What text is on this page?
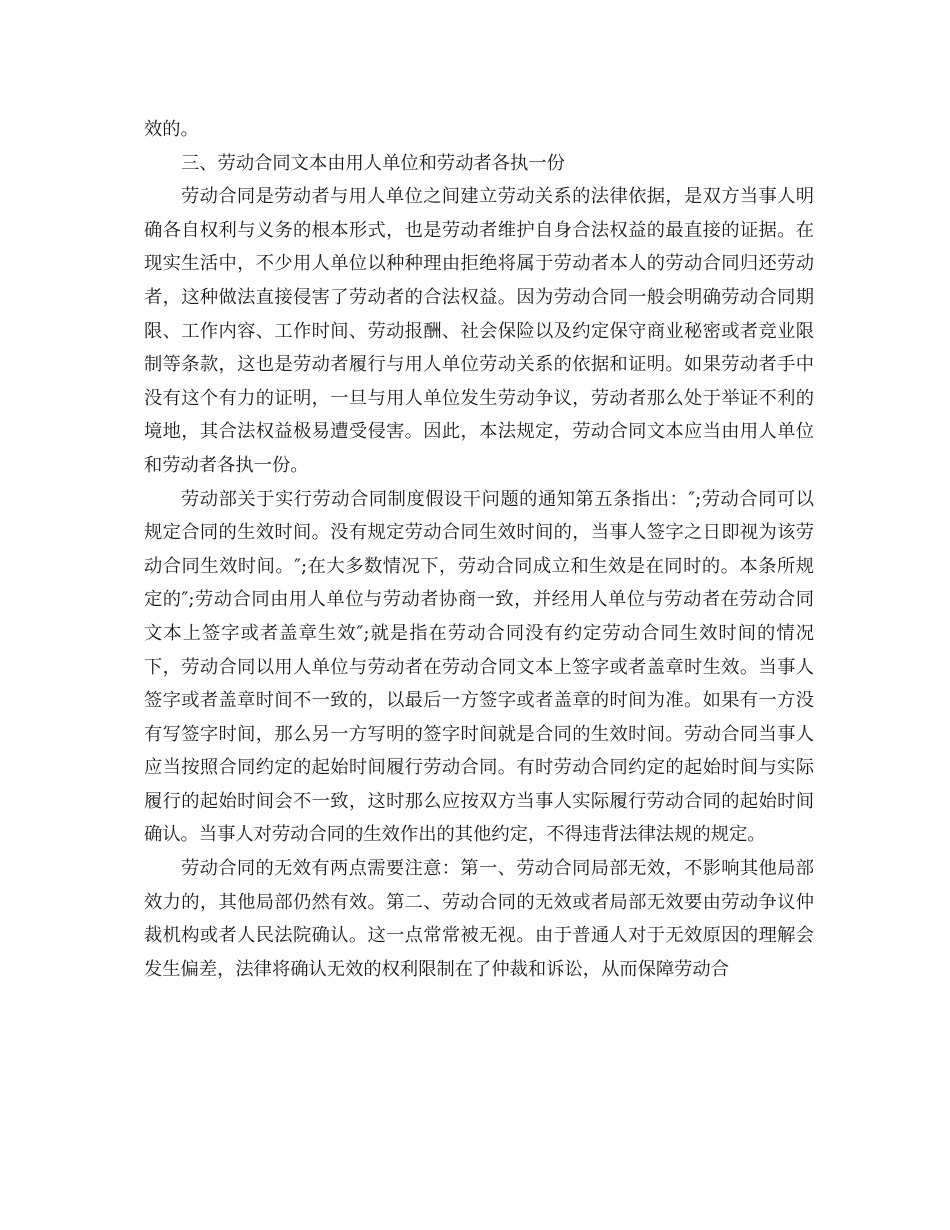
效的。

三、劳动合同文本由用人单位和劳动者各执一份

劳动合同是劳动者与用人单位之间建立劳动关系的法律依据，是双方当事人明确各自权利与义务的根本形式，也是劳动者维护自身合法权益的最直接的证据。在现实生活中，不少用人单位以种种理由拒绝将属于劳动者本人的劳动合同归还劳动者，这种做法直接侵害了劳动者的合法权益。因为劳动合同一般会明确劳动合同期限、工作内容、工作时间、劳动报酬、社会保险以及约定保守商业秘密或者竞业限制等条款，这也是劳动者履行与用人单位劳动关系的依据和证明。如果劳动者手中没有这个有力的证明，一旦与用人单位发生劳动争议，劳动者那么处于举证不利的境地，其合法权益极易遭受侵害。因此，本法规定，劳动合同文本应当由用人单位和劳动者各执一份。

劳动部关于实行劳动合同制度假设干问题的通知第五条指出：″;劳动合同可以规定合同的生效时间。没有规定劳动合同生效时间的，当事人签字之日即视为该劳动合同生效时间。″;在大多数情况下，劳动合同成立和生效是在同时的。本条所规定的″;劳动合同由用人单位与劳动者协商一致，并经用人单位与劳动者在劳动合同文本上签字或者盖章生效″;就是指在劳动合同没有约定劳动合同生效时间的情况下，劳动合同以用人单位与劳动者在劳动合同文本上签字或者盖章时生效。当事人签字或者盖章时间不一致的，以最后一方签字或者盖章的时间为准。如果有一方没有写签字时间，那么另一方写明的签字时间就是合同的生效时间。劳动合同当事人应当按照合同约定的起始时间履行劳动合同。有时劳动合同约定的起始时间与实际履行的起始时间会不一致，这时那么应按双方当事人实际履行劳动合同的起始时间确认。当事人对劳动合同的生效作出的其他约定，不得违背法律法规的规定。

劳动合同的无效有两点需要注意：第一、劳动合同局部无效，不影响其他局部效力的，其他局部仍然有效。第二、劳动合同的无效或者局部无效要由劳动争议仲裁机构或者人民法院确认。这一点常常被无视。由于普通人对于无效原因的理解会发生偏差，法律将确认无效的权利限制在了仲裁和诉讼，从而保障劳动合
